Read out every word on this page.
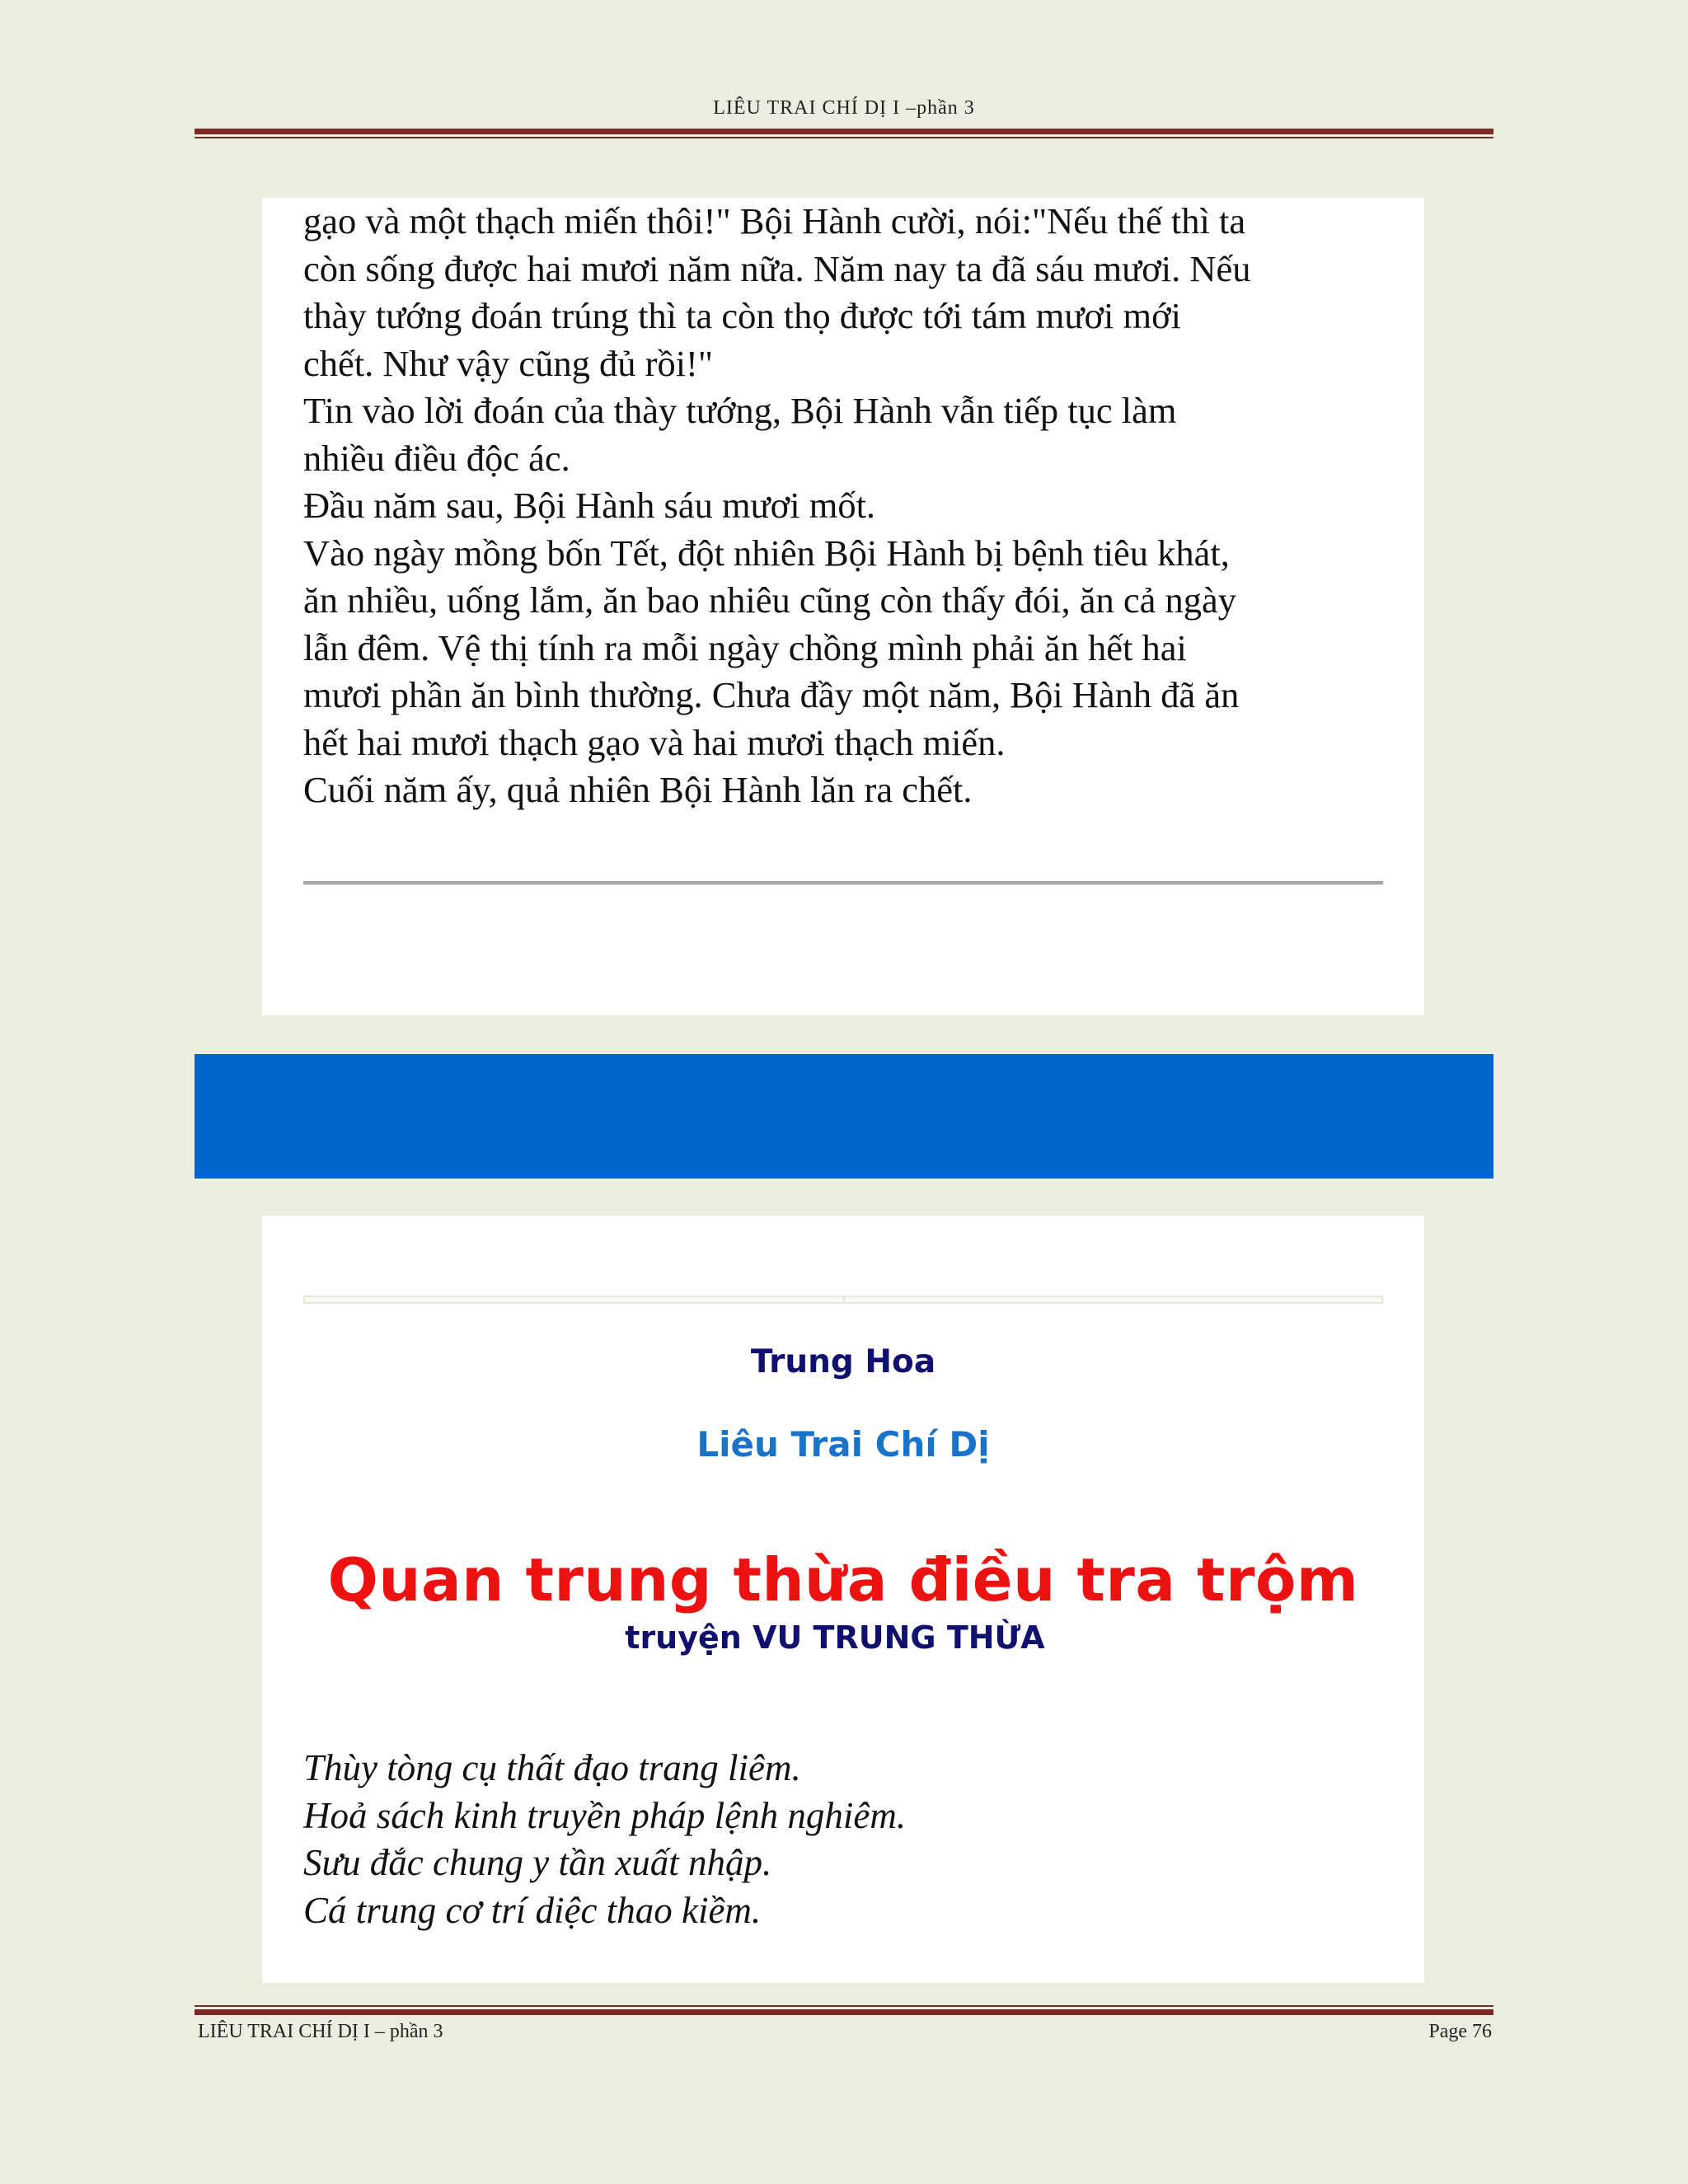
LIÊU TRAI CHÍ DỊ I –phần 3

gạo và một thạch miến thôi!" Bội Hành cười, nói:"Nếu thế thì ta

còn sống được hai mươi năm nữa. Năm nay ta đã sáu mươi. Nếu

thày tướng đoán trúng thì ta còn thọ được tới tám mươi mới

chết. Như vậy cũng đủ rồi!"

Tin vào lời đoán của thày tướng, Bội Hành vẫn tiếp tục làm

nhiều điều độc ác.

Đầu năm sau, Bội Hành sáu mươi mốt.

Vào ngày mồng bốn Tết, đột nhiên Bội Hành bị bệnh tiêu khát,

ăn nhiều, uống lắm, ăn bao nhiêu cũng còn thấy đói, ăn cả ngày

lẫn đêm. Vệ thị tính ra mỗi ngày chồng mình phải ăn hết hai

mươi phần ăn bình thường. Chưa đầy một năm, Bội Hành đã ăn

hết hai mươi thạch gạo và hai mươi thạch miến.

Cuối năm ấy, quả nhiên Bội Hành lăn ra chết.

Trung Hoa
Liêu Trai Chí Dị
Quan trung thừa điều tra trộm
truyện VU TRUNG THỪA

Thùy tòng cụ thất đạo trang liêm.

Hoả sách kinh truyền pháp lệnh nghiêm.

Sưu đắc chung y tần xuất nhập.

Cá trung cơ trí diệc thao kiềm.

LIÊU TRAI CHÍ DỊ I – phần 3	Page 76
